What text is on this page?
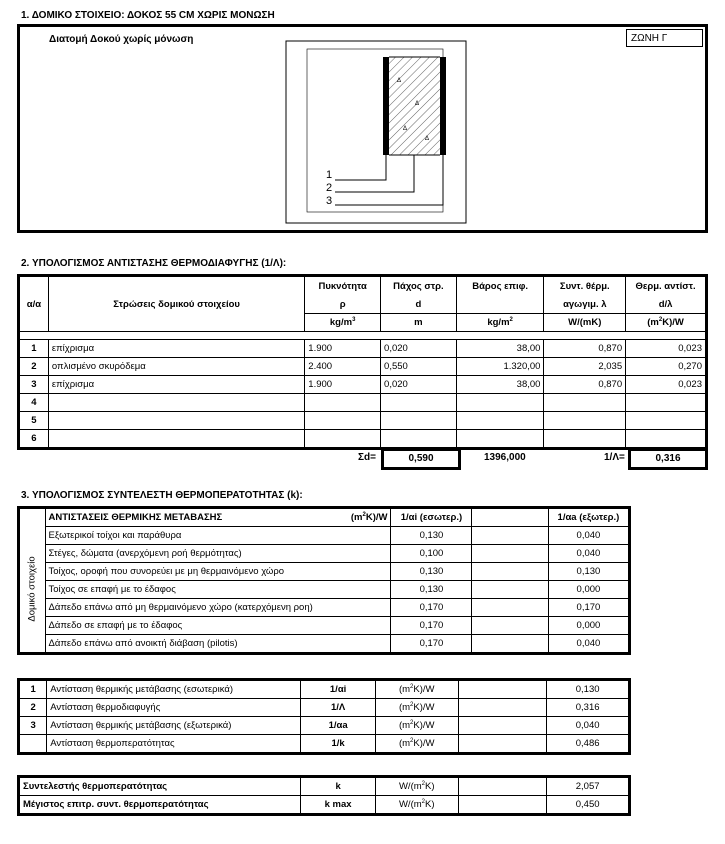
1. ΔΟΜΙΚΟ ΣΤΟΙΧΕΙΟ: ΔΟΚΟΣ 55 CM ΧΩΡΙΣ ΜΟΝΩΣΗ
Διατομή Δοκού χωρίς μόνωση	ΖΩΝΗ Γ
Δ
Δ
Δ
Δ
1
2
3
2. ΥΠΟΛΟΓΙΣΜΟΣ ΑΝΤΙΣΤΑΣΗΣ ΘΕΡΜΟΔΙΑΦΥΓΗΣ (1/Λ):
α/α	Στρώσεις δομικού στοιχείου	Πυκνότητα	Πάχος στρ.	Βάρος επιφ.	Συντ. θέρμ.	Θερμ. αντίστ.
		ρ	d		αγωγιμ. λ	d/λ
		$kg/m^3$	m	$kg/m^2$	W/(mK)	$(m^2K)/W$

1	επίχρισμα	1.900	0,020	38,00	0,870	0,023
2	οπλισμένο σκυρόδεμα	2.400	0,550	1.320,00	2,035	0,270
3	επίχρισμα	1.900	0,020	38,00	0,870	0,023
4						
5						
6						
Σd=	0,590	1396,000	1/Λ=	0,316
3. ΥΠΟΛΟΓΙΣΜΟΣ ΣΥΝΤΕΛΕΣΤΗ ΘΕΡΜΟΠΕΡΑΤΟΤΗΤΑΣ (k):
	ΑΝΤΙΣΤΑΣΕΙΣ ΘΕΡΜΙΚΗΣ ΜΕΤΑΒΑΣΗΣ	$(m^2K)/W$	1/αi (εσωτερ.)		1/αa (εξωτερ.)

Δομικό στοιχείο	Εξωτερικοί τοίχοι και παράθυρα		0,130		0,040
	Στέγες, δώματα (ανερχόμενη ροή θερμότητας)		0,100		0,040
	Τοίχος, οροφή που συνορεύει με μη θερμαινόμενο χώρο		0,130		0,130
	Τοίχος σε επαφή με το έδαφος		0,130		0,000
	Δάπεδο επάνω από μη θερμαινόμενο χώρο (κατερχόμενη ροη)		0,170		0,170
	Δάπεδο σε επαφή με το έδαφος		0,170		0,000
	Δάπεδο επάνω από ανοικτή διάβαση (pilotis)		0,170		0,040
1	Αντίσταση θερμικής μετάβασης (εσωτερικά)	1/αi	$(m^2K)/W$		0,130
2	Αντίσταση θερμοδιαφυγής	1/Λ	$(m^2K)/W$		0,316
3	Αντίσταση θερμικής μετάβασης (εξωτερικά)	1/αa	$(m^2K)/W$		0,040
	Αντίσταση θερμοπερατότητας	1/k	$(m^2K)/W$		0,486
Συντελεστής θερμοπερατότητας	k	$W/(m^2K)$		2,057
Μέγιστος επιτρ. συντ. θερμοπερατότητας	k max	$W/(m^2K)$		0,450
